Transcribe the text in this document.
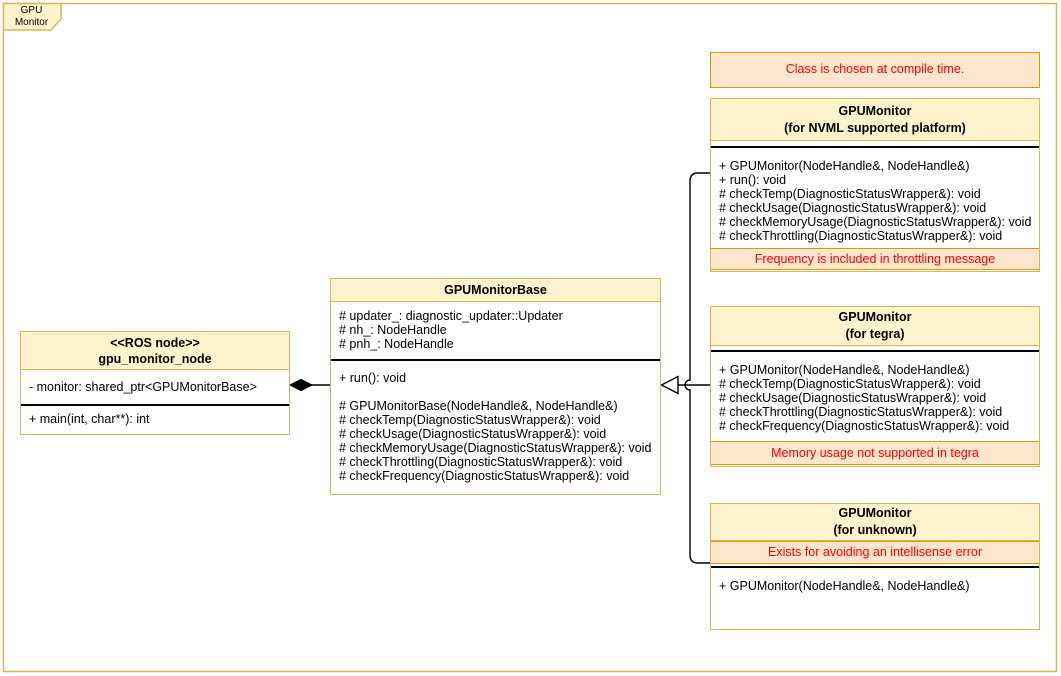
GPU
Monitor
Class is chosen at compile time.
<<ROS node>>
gpu_monitor_node
- monitor: shared_ptr<GPUMonitorBase>
+ main(int, char**): int
GPUMonitorBase
# updater_: diagnostic_updater::Updater
# nh_: NodeHandle
# pnh_: NodeHandle
+ run(): void
# GPUMonitorBase(NodeHandle&, NodeHandle&)
# checkTemp(DiagnosticStatusWrapper&): void
# checkUsage(DiagnosticStatusWrapper&): void
# checkMemoryUsage(DiagnosticStatusWrapper&): void
# checkThrottling(DiagnosticStatusWrapper&): void
# checkFrequency(DiagnosticStatusWrapper&): void
GPUMonitor
(for NVML supported platform)
+ GPUMonitor(NodeHandle&, NodeHandle&)
+ run(): void
# checkTemp(DiagnosticStatusWrapper&): void
# checkUsage(DiagnosticStatusWrapper&): void
# checkMemoryUsage(DiagnosticStatusWrapper&): void
# checkThrottling(DiagnosticStatusWrapper&): void
Frequency is included in throttling message
GPUMonitor
(for tegra)
+ GPUMonitor(NodeHandle&, NodeHandle&)
# checkTemp(DiagnosticStatusWrapper&): void
# checkUsage(DiagnosticStatusWrapper&): void
# checkThrottling(DiagnosticStatusWrapper&): void
# checkFrequency(DiagnosticStatusWrapper&): void
Memory usage not supported in tegra
GPUMonitor
(for unknown)
Exists for avoiding an intellisense error
+ GPUMonitor(NodeHandle&, NodeHandle&)
